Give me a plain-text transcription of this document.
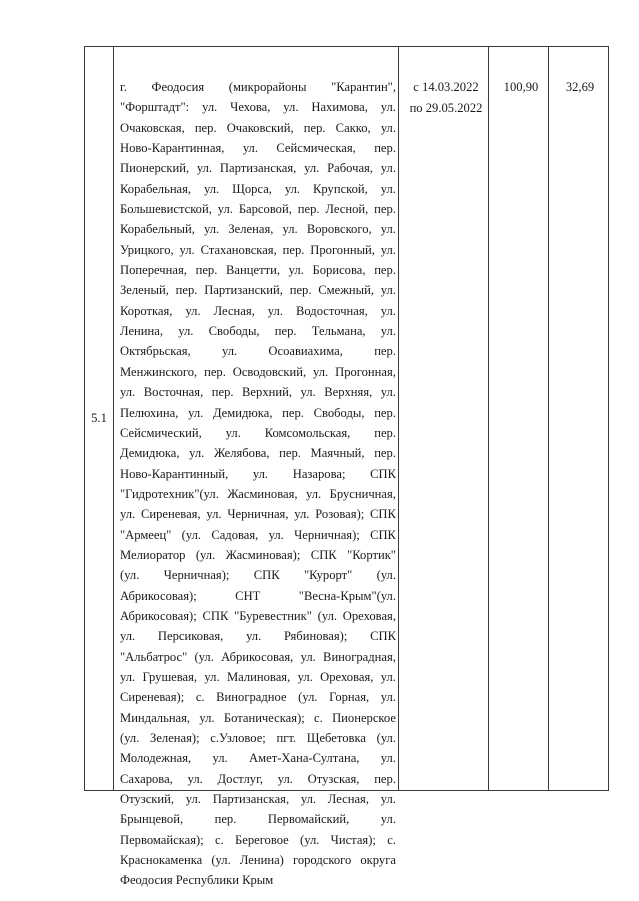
5.1
г. Феодосия (микрорайоны "Карантин",
"Форштадт": ул. Чехова, ул. Нахимова, ул.
Очаковская, пер. Очаковский, пер. Сакко, ул.
Ново-Карантинная, ул. Сейсмическая, пер.
Пионерский, ул. Партизанская, ул. Рабочая, ул.
Корабельная, ул. Щорса, ул. Крупской, ул.
Большевистской, ул. Барсовой, пер. Лесной, пер.
Корабельный, ул. Зеленая, ул. Воровского, ул.
Урицкого, ул. Стахановская, пер. Прогонный, ул.
Поперечная, пер. Ванцетти, ул. Борисова, пер.
Зеленый, пер. Партизанский, пер. Смежный, ул.
Короткая, ул. Лесная, ул. Водосточная, ул.
Ленина, ул. Свободы, пер. Тельмана, ул.
Октябрьская, ул. Осоавиахима, пер.
Менжинского, пер. Осводовский, ул. Прогонная,
ул. Восточная, пер. Верхний, ул. Верхняя, ул.
Пелюхина, ул. Демидюка, пер. Свободы, пер.
Сейсмический, ул. Комсомольская, пер.
Демидюка, ул. Желябова, пер. Маячный, пер.
Ново-Карантинный, ул. Назарова; СПК
"Гидротехник"(ул. Жасминовая, ул. Брусничная,
ул. Сиреневая, ул. Черничная, ул. Розовая); СПК
"Армеец" (ул. Садовая, ул. Черничная); СПК
Мелиоратор (ул. Жасминовая); СПК "Кортик"
(ул. Черничная); СПК "Курорт" (ул.
Абрикосовая);	СНТ	"Весна-Крым"(ул.
Абрикосовая); СПК "Буревестник" (ул. Ореховая,
ул. Персиковая, ул. Рябиновая); СПК
"Альбатрос" (ул. Абрикосовая, ул. Виноградная,
ул. Грушевая, ул. Малиновая, ул. Ореховая, ул.
Сиреневая); с. Виноградное (ул. Горная, ул.
Миндальная, ул. Ботаническая); с. Пионерское
(ул. Зеленая); с.Узловое; пгт. Щебетовка (ул.
Молодежная, ул. Амет-Хана-Султана, ул.
Сахарова, ул. Достлуг, ул. Отузская, пер.
Отузский, ул. Партизанская, ул. Лесная, ул.
Брынцевой, пер. Первомайский, ул.
Первомайская); с. Береговое (ул. Чистая); с.
Краснокаменка (ул. Ленина) городского округа
Феодосия Республики Крым
с 14.03.2022
по 29.05.2022
100,90	32,69
